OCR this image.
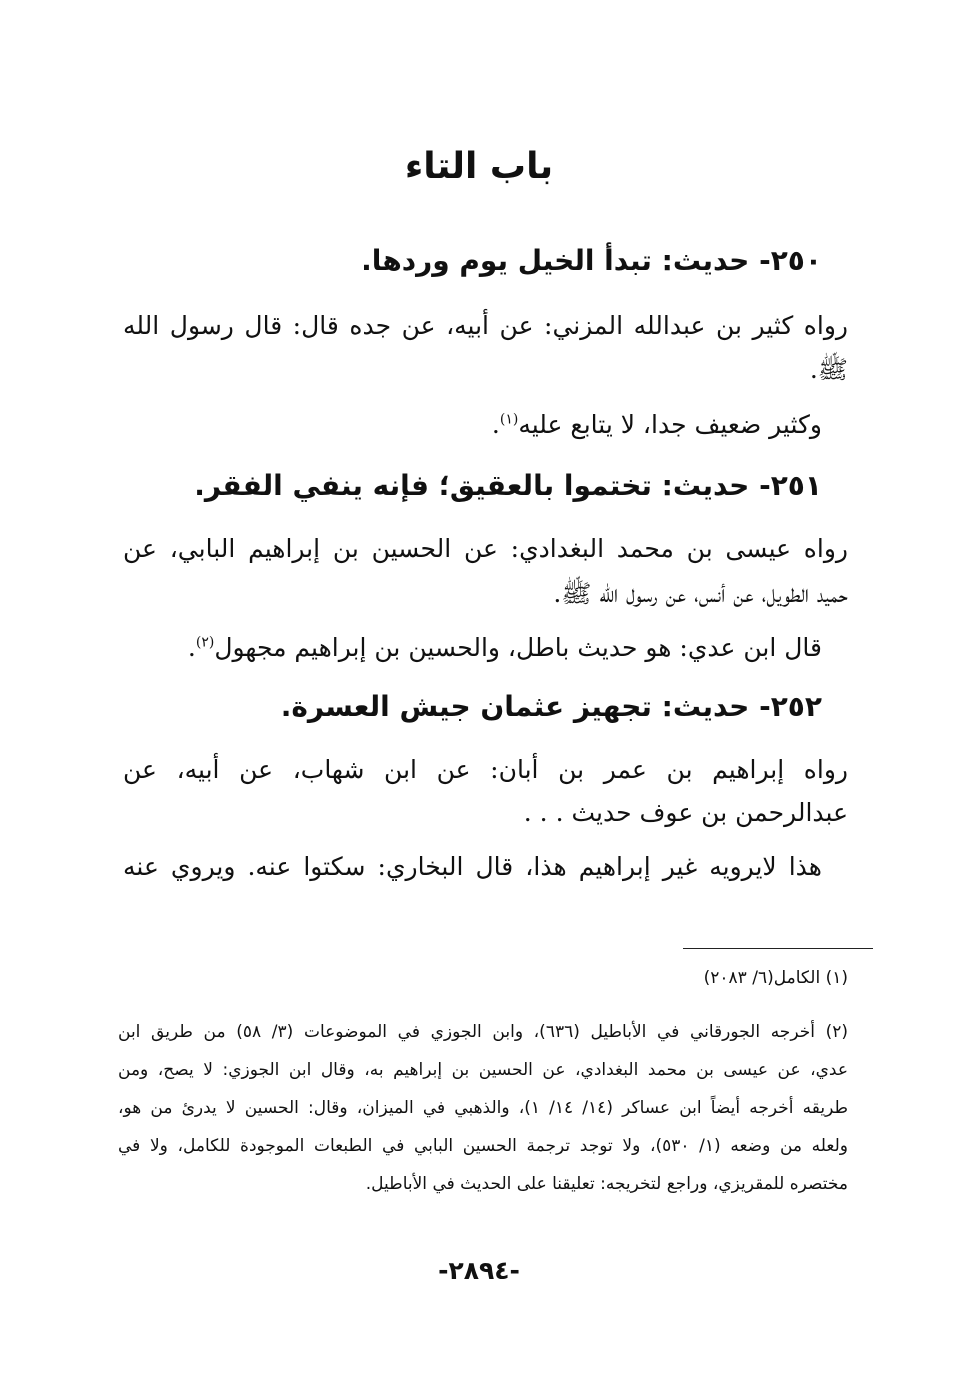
باب التاء
٢٥٠- حديث: تبدأ الخيل يوم وردها.
رواه كثير بن عبدالله المزني: عن أبيه، عن جده قال: قال رسول الله
ﷺ.
وكثير ضعيف جدا، لا يتابع عليه$^{(١)}$.
٢٥١- حديث: تختموا بالعقيق؛ فإنه ينفي الفقر.
رواه عيسى بن محمد البغدادي: عن الحسين بن إبراهيم البابي، عن
حميد الطويل، عن أنس، عن رسول الله ﷺ.
قال ابن عدي: هو حديث باطل، والحسين بن إبراهيم مجهول$^{(٢)}$.
٢٥٢- حديث: تجهيز عثمان جيش العسرة.
رواه إبراهيم بن عمر بن أبان: عن ابن شهاب، عن أبيه، عن
عبدالرحمن بن عوف حديث . . .
هذا لايرويه غير إبراهيم هذا، قال البخاري: سكتوا عنه. ويروي عنه
(١) الكامل(٦/ ٢٠٨٣)
(٢) أخرجه الجورقاني في الأباطيل (٦٣٦)، وابن الجوزي في الموضوعات (٣/ ٥٨) من طريق ابن
عدي، عن عيسى بن محمد البغدادي، عن الحسين بن إبراهيم به، وقال ابن الجوزي: لا يصح، ومن
طريقه أخرجه أيضاً ابن عساكر (١٤/ ١٤/ ١)، والذهبي في الميزان، وقال: الحسين لا يدرئ من هو،
ولعله من وضعه (١/ ٥٣٠)، ولا توجد ترجمة الحسين البابي في الطبعات الموجودة للكامل، ولا في
مختصره للمقريزي، وراجع لتخريجه: تعليقنا على الحديث في الأباطيل.
-٢٨٩٤-
